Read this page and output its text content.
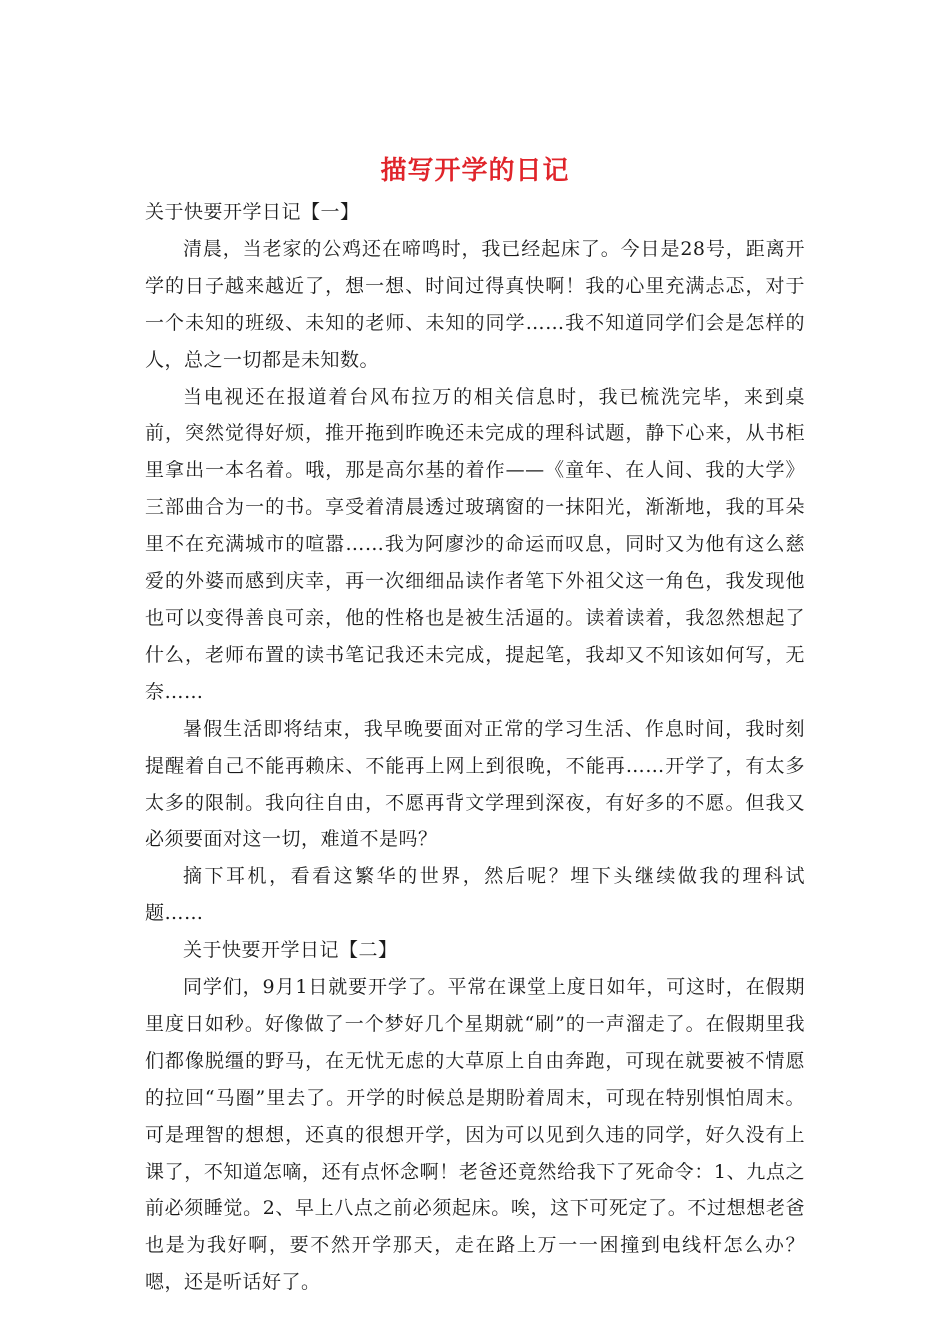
描写开学的日记

关于快要开学日记【一】

清晨，当老家的公鸡还在啼鸣时，我已经起床了。今日是28号，距离开学的日子越来越近了，想一想、时间过得真快啊！我的心里充满忐忑，对于一个未知的班级、未知的老师、未知的同学……我不知道同学们会是怎样的人，总之一切都是未知数。

当电视还在报道着台风布拉万的相关信息时，我已梳洗完毕，来到桌前，突然觉得好烦，推开拖到昨晚还未完成的理科试题，静下心来，从书柜里拿出一本名着。哦，那是高尔基的着作——《童年、在人间、我的大学》三部曲合为一的书。享受着清晨透过玻璃窗的一抹阳光，渐渐地，我的耳朵里不在充满城市的喧嚣……我为阿廖沙的命运而叹息，同时又为他有这么慈爱的外婆而感到庆幸，再一次细细品读作者笔下外祖父这一角色，我发现他也可以变得善良可亲，他的性格也是被生活逼的。读着读着，我忽然想起了什么，老师布置的读书笔记我还未完成，提起笔，我却又不知该如何写，无奈……

暑假生活即将结束，我早晚要面对正常的学习生活、作息时间，我时刻提醒着自己不能再赖床、不能再上网上到很晚，不能再……开学了，有太多太多的限制。我向往自由，不愿再背文学理到深夜，有好多的不愿。但我又必须要面对这一切，难道不是吗？

摘下耳机，看看这繁华的世界，然后呢？埋下头继续做我的理科试题……

关于快要开学日记【二】

同学们，9月1日就要开学了。平常在课堂上度日如年，可这时，在假期里度日如秒。好像做了一个梦好几个星期就“刷”的一声溜走了。在假期里我们都像脱缰的野马，在无忧无虑的大草原上自由奔跑，可现在就要被不情愿的拉回“马圈”里去了。开学的时候总是期盼着周末，可现在特别惧怕周末。可是理智的想想，还真的很想开学，因为可以见到久违的同学，好久没有上课了，不知道怎嘀，还有点怀念啊！老爸还竟然给我下了死命令：1、九点之前必须睡觉。2、早上八点之前必须起床。唉，这下可死定了。不过想想老爸也是为我好啊，要不然开学那天，走在路上万一一困撞到电线杆怎么办？嗯，还是听话好了。
